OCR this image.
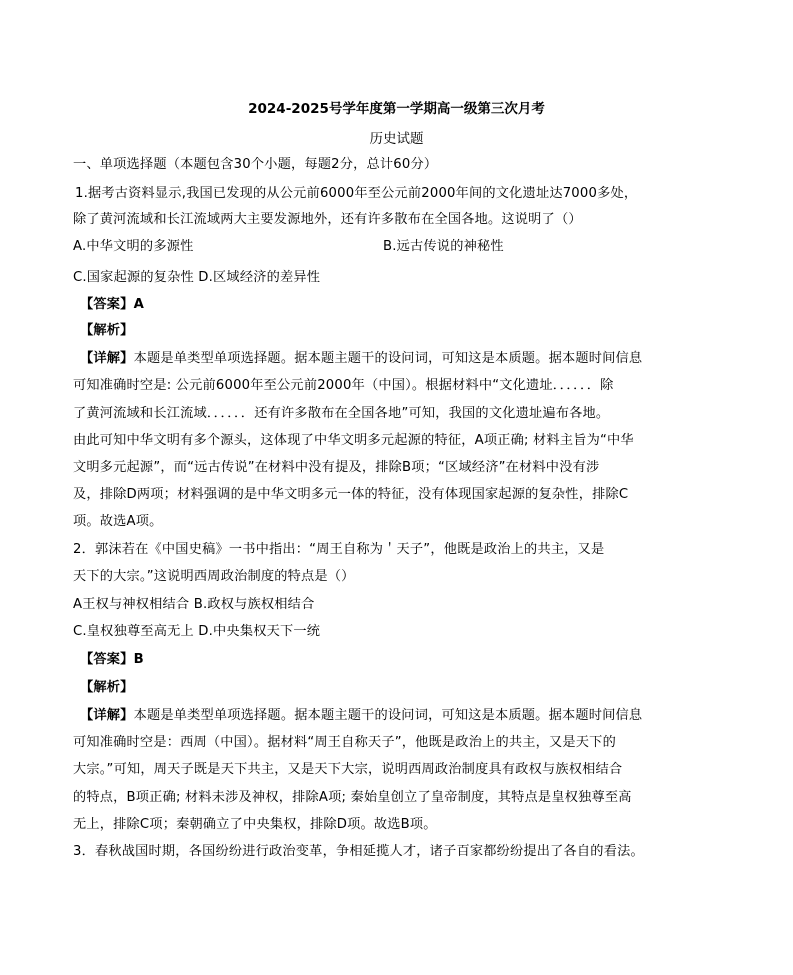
2024-2025号学年度第一学期高一级第三次月考
历史试题
一、单项选择题（本题包含30个小题，每题2分，总计60分）
1.据考古资料显示,我国已发现的从公元前6000年至公元前2000年间的文化遗址达7000多处，
除了黄河流域和长江流域两大主要发源地外，还有许多散布在全国各地。这说明了（）
A.中华文明的多源性	B.远古传说的神秘性
C.国家起源的复杂性 D.区域经济的差异性
【答案】A
【解析】
【详解】本题是单类型单项选择题。据本题主题干的设问词，可知这是本质题。据本题时间信息
可知准确时空是: 公元前6000年至公元前2000年（中国）。根据材料中“文化遗址．．．．．．除
了黄河流域和长江流域．．．．．．还有许多散布在全国各地”可知，我国的文化遗址遍布各地。
由此可知中华文明有多个源头，这体现了中华文明多元起源的特征，A项正确; 材料主旨为“中华
文明多元起源”，而“远古传说”在材料中没有提及，排除B项；“区域经济”在材料中没有涉
及，排除D两项；材料强调的是中华文明多元一体的特征，没有体现国家起源的复杂性，排除C
项。故选A项。
2．郭沫若在《中国史稿》一书中指出：“周王自称为＇天子”，他既是政治上的共主，又是
天下的大宗。”这说明西周政治制度的特点是（）
A王权与神权相结合 B.政权与族权相结合
C.皇权独尊至高无上 D.中央集权天下一统
【答案】B
【解析】
【详解】本题是单类型单项选择题。据本题主题干的设问词，可知这是本质题。据本题时间信息
可知准确时空是：西周（中国）。据材料“周王自称天子”，他既是政治上的共主，又是天下的
大宗。”可知，周天子既是天下共主，又是天下大宗，说明西周政治制度具有政权与族权相结合
的特点，B项正确; 材料未涉及神权，排除A项; 秦始皇创立了皇帝制度，其特点是皇权独尊至高
无上，排除C项；秦朝确立了中央集权，排除D项。故选B项。
3．春秋战国时期，各国纷纷进行政治变革，争相延揽人才，诸子百家都纷纷提出了各自的看法。
